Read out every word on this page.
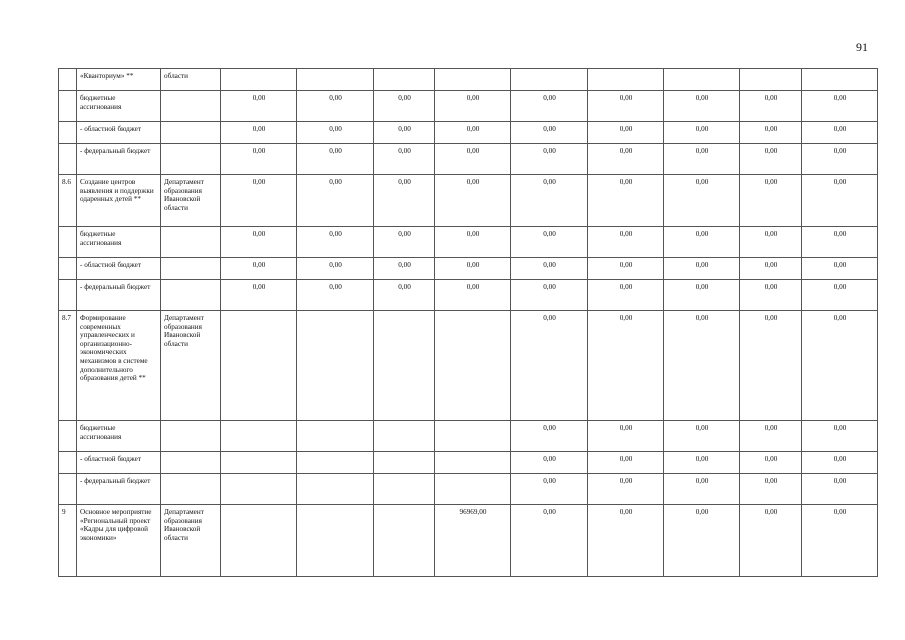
91
	«Кванториум» **	области									
	бюджетные ассигнования		0,00	0,00	0,00	0,00	0,00	0,00	0,00	0,00	0,00
	- областной бюджет		0,00	0,00	0,00	0,00	0,00	0,00	0,00	0,00	0,00
	- федеральный бюджет		0,00	0,00	0,00	0,00	0,00	0,00	0,00	0,00	0,00
8.6	Создание центров выявления и поддержки одаренных детей **	Департамент образования Ивановской области	0,00	0,00	0,00	0,00	0,00	0,00	0,00	0,00	0,00
	бюджетные ассигнования		0,00	0,00	0,00	0,00	0,00	0,00	0,00	0,00	0,00
	- областной бюджет		0,00	0,00	0,00	0,00	0,00	0,00	0,00	0,00	0,00
	- федеральный бюджет		0,00	0,00	0,00	0,00	0,00	0,00	0,00	0,00	0,00
8.7	Формирование современных управленческих и организационно-экономических механизмов в системе дополнительного образования детей **	Департамент образования Ивановской области					0,00	0,00	0,00	0,00	0,00
	бюджетные ассигнования						0,00	0,00	0,00	0,00	0,00
	- областной бюджет						0,00	0,00	0,00	0,00	0,00
	- федеральный бюджет						0,00	0,00	0,00	0,00	0,00
9	Основное мероприятие «Региональный проект «Кадры для цифровой экономики»	Департамент образования Ивановской области				96969,00	0,00	0,00	0,00	0,00	0,00
